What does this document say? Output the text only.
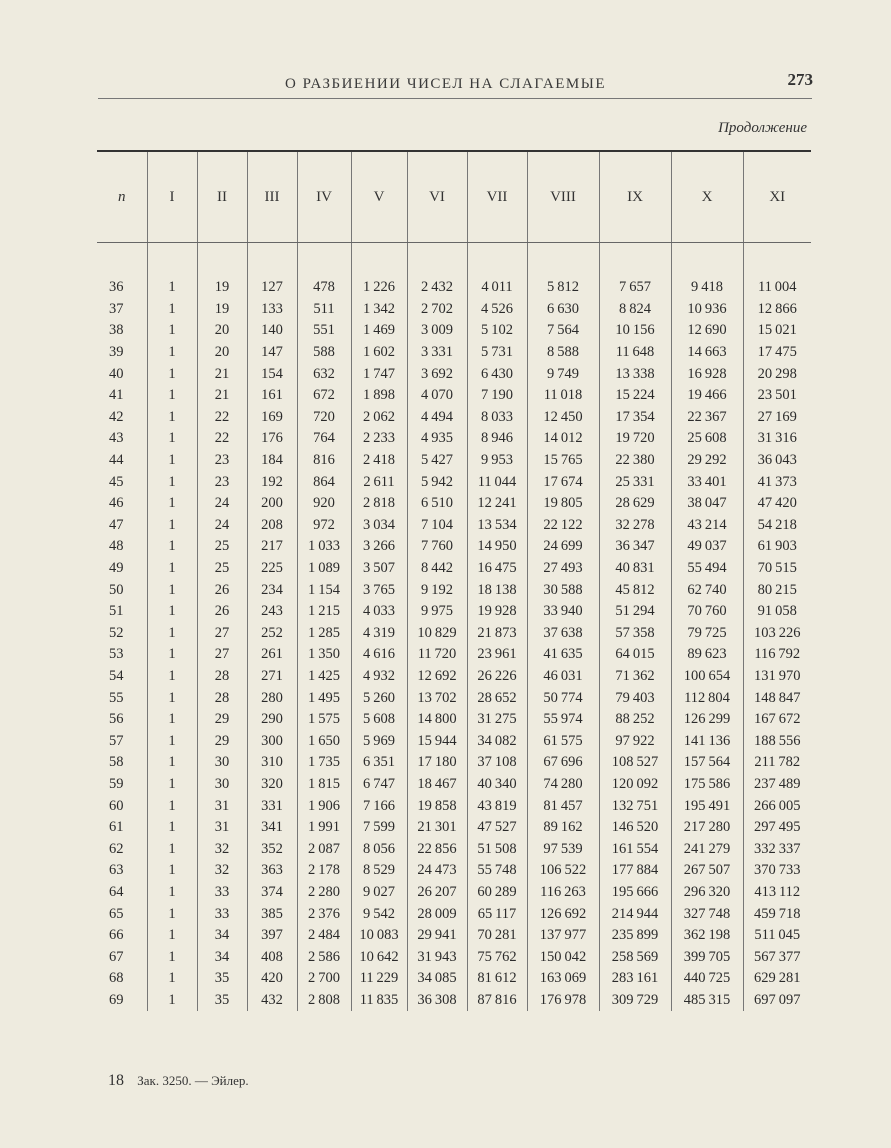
О РАЗБИЕНИИ ЧИСЕЛ НА СЛАГАЕМЫЕ	273
Продолжение
n	I	II	III	IV	V	VI	VII	VIII	IX	X	XI

36	1	19	127	478	1 226	2 432	4 011	5 812	7 657	9 418	11 004
37	1	19	133	511	1 342	2 702	4 526	6 630	8 824	10 936	12 866
38	1	20	140	551	1 469	3 009	5 102	7 564	10 156	12 690	15 021
39	1	20	147	588	1 602	3 331	5 731	8 588	11 648	14 663	17 475
40	1	21	154	632	1 747	3 692	6 430	9 749	13 338	16 928	20 298
41	1	21	161	672	1 898	4 070	7 190	11 018	15 224	19 466	23 501
42	1	22	169	720	2 062	4 494	8 033	12 450	17 354	22 367	27 169
43	1	22	176	764	2 233	4 935	8 946	14 012	19 720	25 608	31 316
44	1	23	184	816	2 418	5 427	9 953	15 765	22 380	29 292	36 043
45	1	23	192	864	2 611	5 942	11 044	17 674	25 331	33 401	41 373
46	1	24	200	920	2 818	6 510	12 241	19 805	28 629	38 047	47 420
47	1	24	208	972	3 034	7 104	13 534	22 122	32 278	43 214	54 218
48	1	25	217	1 033	3 266	7 760	14 950	24 699	36 347	49 037	61 903
49	1	25	225	1 089	3 507	8 442	16 475	27 493	40 831	55 494	70 515
50	1	26	234	1 154	3 765	9 192	18 138	30 588	45 812	62 740	80 215
51	1	26	243	1 215	4 033	9 975	19 928	33 940	51 294	70 760	91 058
52	1	27	252	1 285	4 319	10 829	21 873	37 638	57 358	79 725	103 226
53	1	27	261	1 350	4 616	11 720	23 961	41 635	64 015	89 623	116 792
54	1	28	271	1 425	4 932	12 692	26 226	46 031	71 362	100 654	131 970
55	1	28	280	1 495	5 260	13 702	28 652	50 774	79 403	112 804	148 847
56	1	29	290	1 575	5 608	14 800	31 275	55 974	88 252	126 299	167 672
57	1	29	300	1 650	5 969	15 944	34 082	61 575	97 922	141 136	188 556
58	1	30	310	1 735	6 351	17 180	37 108	67 696	108 527	157 564	211 782
59	1	30	320	1 815	6 747	18 467	40 340	74 280	120 092	175 586	237 489
60	1	31	331	1 906	7 166	19 858	43 819	81 457	132 751	195 491	266 005
61	1	31	341	1 991	7 599	21 301	47 527	89 162	146 520	217 280	297 495
62	1	32	352	2 087	8 056	22 856	51 508	97 539	161 554	241 279	332 337
63	1	32	363	2 178	8 529	24 473	55 748	106 522	177 884	267 507	370 733
64	1	33	374	2 280	9 027	26 207	60 289	116 263	195 666	296 320	413 112
65	1	33	385	2 376	9 542	28 009	65 117	126 692	214 944	327 748	459 718
66	1	34	397	2 484	10 083	29 941	70 281	137 977	235 899	362 198	511 045
67	1	34	408	2 586	10 642	31 943	75 762	150 042	258 569	399 705	567 377
68	1	35	420	2 700	11 229	34 085	81 612	163 069	283 161	440 725	629 281
69	1	35	432	2 808	11 835	36 308	87 816	176 978	309 729	485 315	697 097
18 Зак. 3250. — Эйлер.
